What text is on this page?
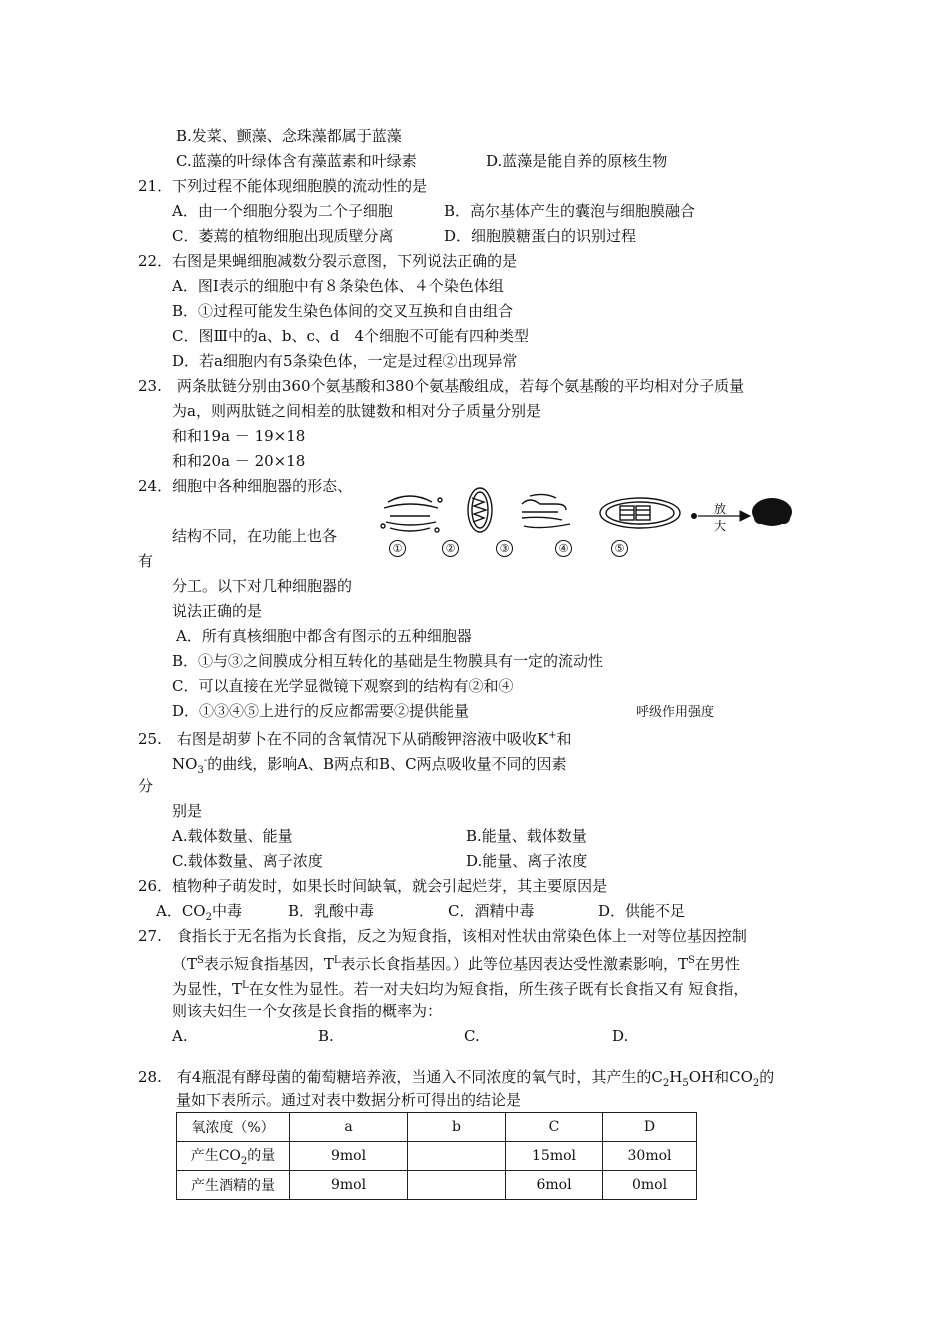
B.发菜、颤藻、念珠藻都属于蓝藻
C.蓝藻的叶绿体含有藻蓝素和叶绿素	D.蓝藻是能自养的原核生物
21．下列过程不能体现细胞膜的流动性的是
A．由一个细胞分裂为二个子细胞	B．高尔基体产生的囊泡与细胞膜融合
C．萎蔫的植物细胞出现质壁分离	D．细胞膜糖蛋白的识别过程
22．右图是果蝇细胞减数分裂示意图，下列说法正确的是
A．图Ⅰ表示的细胞中有８条染色体、４个染色体组
B．①过程可能发生染色体间的交叉互换和自由组合
C．图Ⅲ中的a、b、c、d　4个细胞不可能有四种类型
D．若a细胞内有5条染色体，一定是过程②出现异常
23.　两条肽链分别由360个氨基酸和380个氨基酸组成，若每个氨基酸的平均相对分子质量
为a，则两肽链之间相差的肽键数和相对分子质量分别是
和和19a － 19×18
和和20a － 20×18
24．细胞中各种细胞器的形态、
结构不同，在功能上也各
有
分工。以下对几种细胞器的
说法正确的是
A．所有真核细胞中都含有图示的五种细胞器
B．①与③之间膜成分相互转化的基础是生物膜具有一定的流动性
C．可以直接在光学显微镜下观察到的结构有②和④
D．①③④⑤上进行的反应都需要②提供能量	呼级作用强度
放
大
①	②	③	④	⑤
25.　右图是胡萝卜在不同的含氧情况下从硝酸钾溶液中吸收K+和
$NO_3^-$的曲线，影响A、B两点和B、C两点吸收量不同的因素
分
别是
A.载体数量、能量	B.能量、载体数量
C.载体数量、离子浓度	D.能量、离子浓度
26．植物种子萌发时，如果长时间缺氧，就会引起烂芽，其主要原因是
A．$CO_2$中毒	B．乳酸中毒	C．酒精中毒	D．供能不足
27.　食指长于无名指为长食指，反之为短食指，该相对性状由常染色体上一对等位基因控制
（$T^S$表示短食指基因，$T^L$表示长食指基因。）此等位基因表达受性激素影响，$T^S$在男性
为显性，$T^L$在女性为显性。若一对夫妇均为短食指，所生孩子既有长食指又有 短食指，
则该夫妇生一个女孩是长食指的概率为：
A.	B.	C.	D.
28.　有4瓶混有酵母菌的葡萄糖培养液，当通入不同浓度的氧气时，其产生的$C_2H_5OH$和$CO_2$的
量如下表所示。通过对表中数据分析可得出的结论是
氧浓度（%）	a	b	C	D
产生$CO_2$的量	9mol		15mol	30mol
产生酒精的量	9mol		6mol	0mol
